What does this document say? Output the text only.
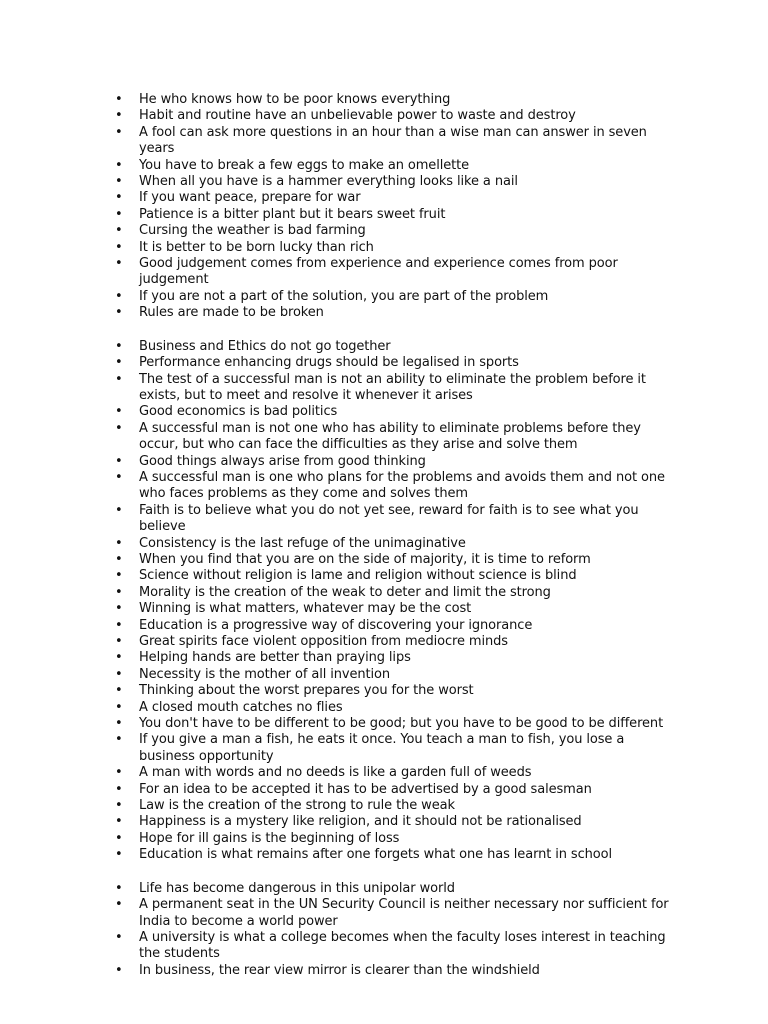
• He who knows how to be poor knows everything
• Habit and routine have an unbelievable power to waste and destroy
• A fool can ask more questions in an hour than a wise man can answer in seven years
• You have to break a few eggs to make an omellette
• When all you have is a hammer everything looks like a nail
• If you want peace, prepare for war
• Patience is a bitter plant but it bears sweet fruit
• Cursing the weather is bad farming
• It is better to be born lucky than rich
• Good judgement comes from experience and experience comes from poor judgement
• If you are not a part of the solution, you are part of the problem
• Rules are made to be broken
• Business and Ethics do not go together
• Performance enhancing drugs should be legalised in sports
• The test of a successful man is not an ability to eliminate the problem before it exists, but to meet and resolve it whenever it arises
• Good economics is bad politics
• A successful man is not one who has ability to eliminate problems before they occur, but who can face the difficulties as they arise and solve them
• Good things always arise from good thinking
• A successful man is one who plans for the problems and avoids them and not one who faces problems as they come and solves them
• Faith is to believe what you do not yet see, reward for faith is to see what you believe
• Consistency is the last refuge of the unimaginative
• When you find that you are on the side of majority, it is time to reform
• Science without religion is lame and religion without science is blind
• Morality is the creation of the weak to deter and limit the strong
• Winning is what matters, whatever may be the cost
• Education is a progressive way of discovering your ignorance
• Great spirits face violent opposition from mediocre minds
• Helping hands are better than praying lips
• Necessity is the mother of all invention
• Thinking about the worst prepares you for the worst
• A closed mouth catches no flies
• You don't have to be different to be good; but you have to be good to be different
• If you give a man a fish, he eats it once. You teach a man to fish, you lose a business opportunity
• A man with words and no deeds is like a garden full of weeds
• For an idea to be accepted it has to be advertised by a good salesman
• Law is the creation of the strong to rule the weak
• Happiness is a mystery like religion, and it should not be rationalised
• Hope for ill gains is the beginning of loss
• Education is what remains after one forgets what one has learnt in school
• Life has become dangerous in this unipolar world
• A permanent seat in the UN Security Council is neither necessary nor sufficient for India to become a world power
• A university is what a college becomes when the faculty loses interest in teaching the students
• In business, the rear view mirror is clearer than the windshield
